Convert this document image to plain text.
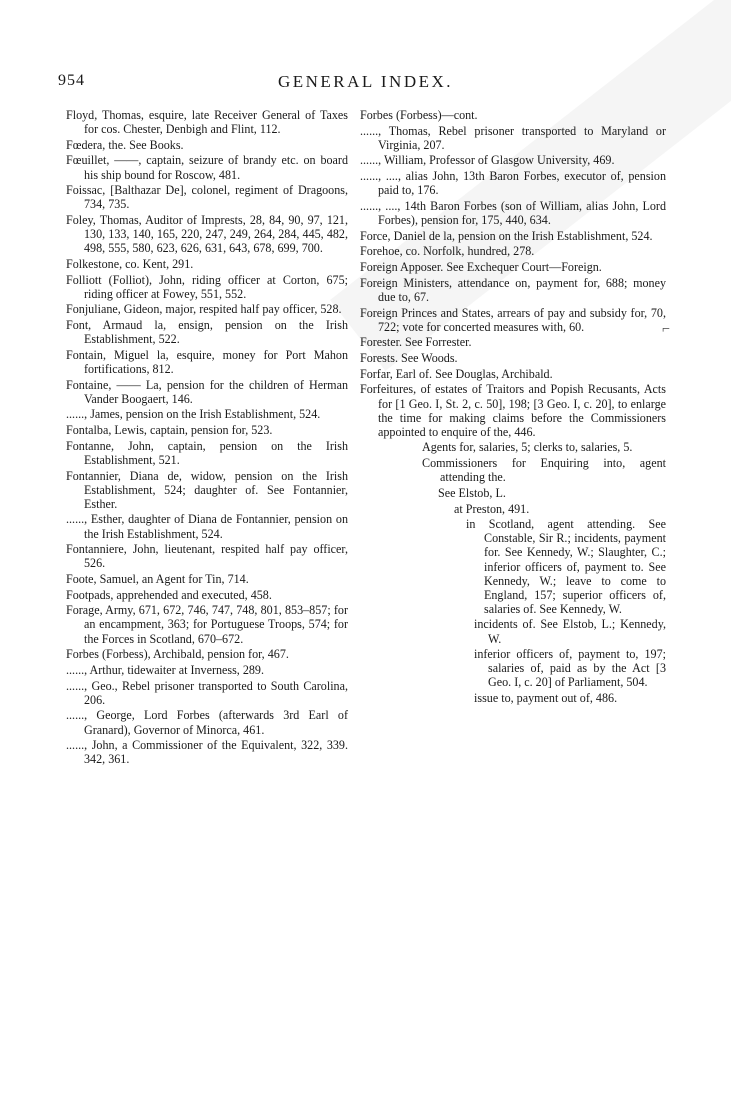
⌐
954	GENERAL INDEX.

Floyd, Thomas, esquire, late Receiver General of Taxes for cos. Chester, Denbigh and Flint, 112.

Fœdera, the. See Books.

Fœuillet, ——, captain, seizure of brandy etc. on board his ship bound for Roscow, 481.

Foissac, [Balthazar De], colonel, regiment of Dragoons, 734, 735.

Foley, Thomas, Auditor of Imprests, 28, 84, 90, 97, 121, 130, 133, 140, 165, 220, 247, 249, 264, 284, 445, 482, 498, 555, 580, 623, 626, 631, 643, 678, 699, 700.

Folkestone, co. Kent, 291.

Folliott (Folliot), John, riding officer at Corton, 675; riding officer at Fowey, 551, 552.

Fonjuliane, Gideon, major, respited half pay officer, 528.

Font, Armaud la, ensign, pension on the Irish Establishment, 522.

Fontain, Miguel la, esquire, money for Port Mahon fortifications, 812.

Fontaine, —— La, pension for the children of Herman Vander Boogaert, 146.

......, James, pension on the Irish Establishment, 524.

Fontalba, Lewis, captain, pension for, 523.

Fontanne, John, captain, pension on the Irish Establishment, 521.

Fontannier, Diana de, widow, pension on the Irish Establishment, 524; daughter of. See Fontannier, Esther.

......, Esther, daughter of Diana de Fontannier, pension on the Irish Establishment, 524.

Fontanniere, John, lieutenant, respited half pay officer, 526.

Foote, Samuel, an Agent for Tin, 714.

Footpads, apprehended and executed, 458.

Forage, Army, 671, 672, 746, 747, 748, 801, 853–857; for an encampment, 363; for Portuguese Troops, 574; for the Forces in Scotland, 670–672.

Forbes (Forbess), Archibald, pension for, 467.

......, Arthur, tidewaiter at Inverness, 289.

......, Geo., Rebel prisoner transported to South Carolina, 206.

......, George, Lord Forbes (afterwards 3rd Earl of Granard), Governor of Minorca, 461.

......, John, a Commissioner of the Equivalent, 322, 339. 342, 361.

Forbes (Forbess)—cont.

......, Thomas, Rebel prisoner transported to Maryland or Virginia, 207.

......, William, Professor of Glasgow University, 469.

......, ...., alias John, 13th Baron Forbes, executor of, pension paid to, 176.

......, ...., 14th Baron Forbes (son of William, alias John, Lord Forbes), pension for, 175, 440, 634.

Force, Daniel de la, pension on the Irish Establishment, 524.

Forehoe, co. Norfolk, hundred, 278.

Foreign Apposer. See Exchequer Court—Foreign.

Foreign Ministers, attendance on, payment for, 688; money due to, 67.

Foreign Princes and States, arrears of pay and subsidy for, 70, 722; vote for concerted measures with, 60.

Forester. See Forrester.

Forests. See Woods.

Forfar, Earl of. See Douglas, Archibald.

Forfeitures, of estates of Traitors and Popish Recusants, Acts for [1 Geo. I, St. 2, c. 50], 198; [3 Geo. I, c. 20], to enlarge the time for making claims before the Commissioners appointed to enquire of the, 446.

Agents for, salaries, 5; clerks to, salaries, 5.

Commissioners for Enquiring into, agent attending the.

See Elstob, L.

at Preston, 491.

in Scotland, agent attending. See Constable, Sir R.; incidents, payment for. See Kennedy, W.; Slaughter, C.; inferior officers of, payment to. See Kennedy, W.; leave to come to England, 157; superior officers of, salaries of. See Kennedy, W.

incidents of. See Elstob, L.; Kennedy, W.

inferior officers of, payment to, 197; salaries of, paid as by the Act [3 Geo. I, c. 20] of Parliament, 504.

issue to, payment out of, 486.
